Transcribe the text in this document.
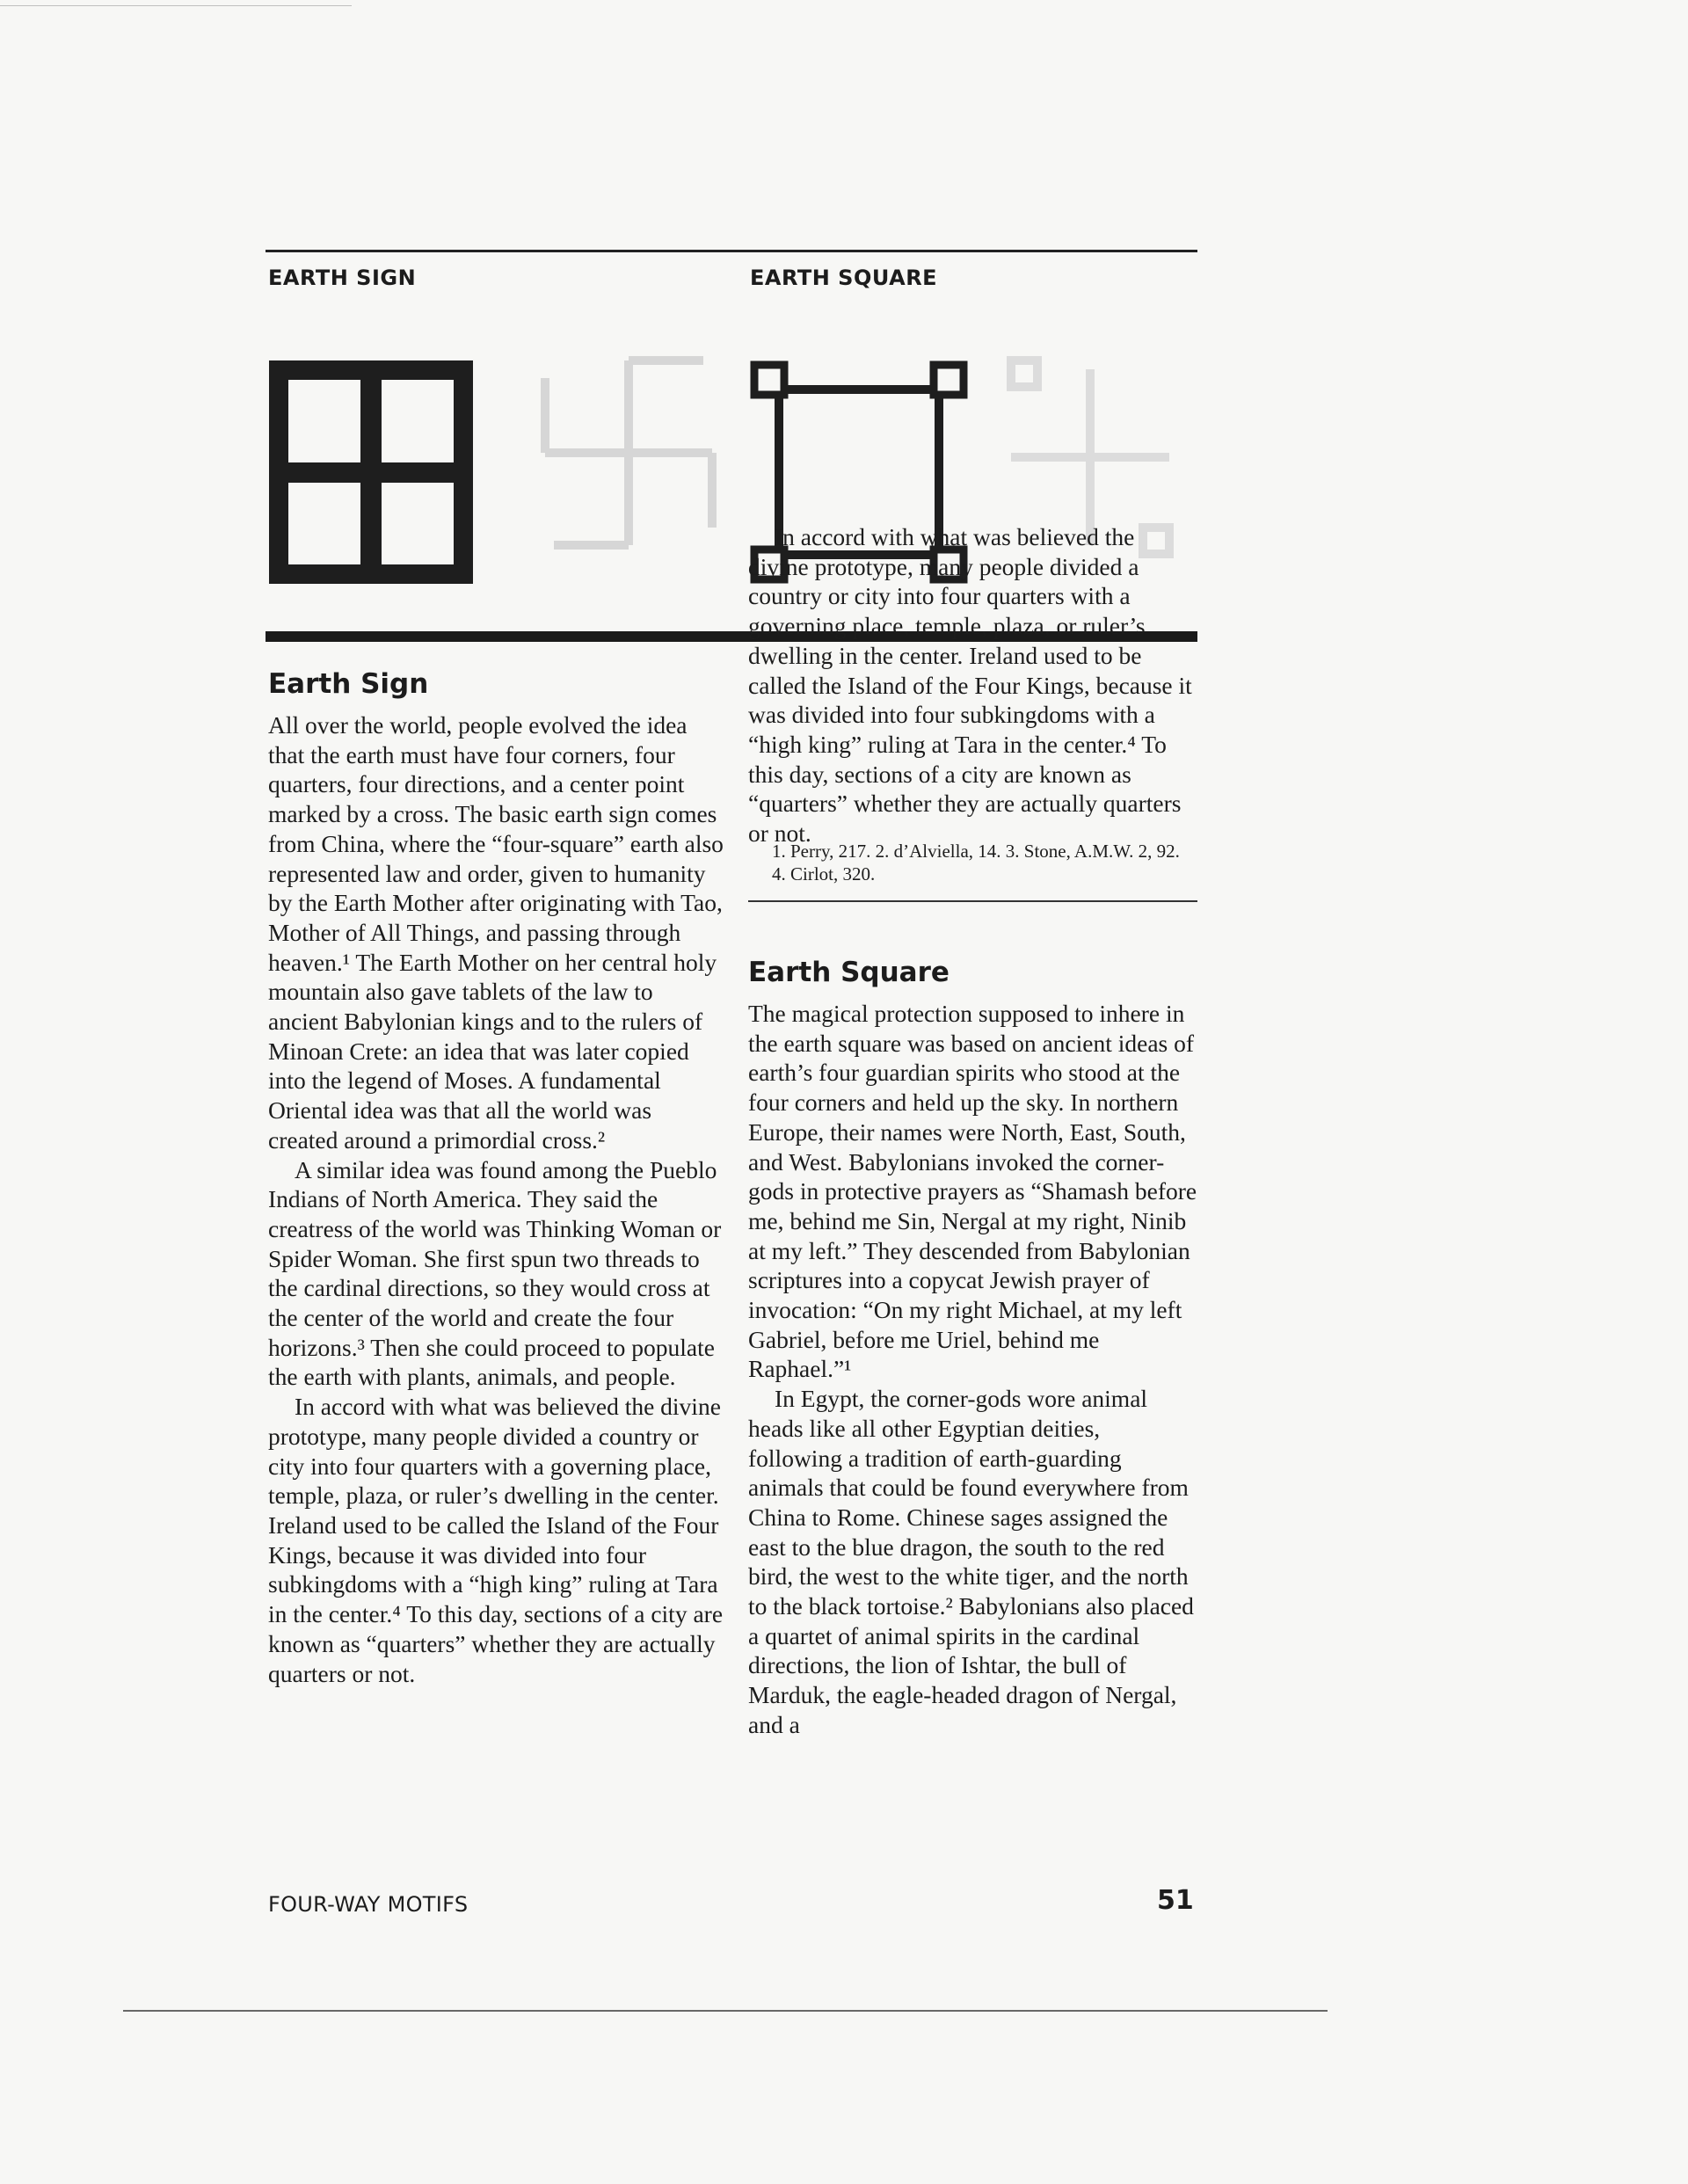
EARTH SIGN	EARTH SQUARE
Earth Sign

All over the world, people evolved the idea that the earth must have four corners, four quarters, four directions, and a center point marked by a cross. The basic earth sign comes from China, where the “four-square” earth also represented law and order, given to humanity by the Earth Mother after originating with Tao, Mother of All Things, and passing through heaven.¹ The Earth Mother on her central holy mountain also gave tablets of the law to ancient Babylonian kings and to the rulers of Minoan Crete: an idea that was later copied into the legend of Moses. A fundamental Oriental idea was that all the world was created around a primordial cross.²

A similar idea was found among the Pueblo Indians of North America. They said the creatress of the world was Thinking Woman or Spider Woman. She first spun two threads to the cardinal directions, so they would cross at the center of the world and create the four horizons.³ Then she could proceed to populate the earth with plants, animals, and people.

In accord with what was believed the divine prototype, many people divided a country or city into four quarters with a governing place, temple, plaza, or ruler’s dwelling in the center. Ireland used to be called the Island of the Four Kings, because it was divided into four subkingdoms with a “high king” ruling at Tara in the center.⁴ To this day, sections of a city are known as “quarters” whether they are actually quarters or not.

In accord with what was believed the divine prototype, many people divided a country or city into four quarters with a governing place, temple, plaza, or ruler’s dwelling in the center. Ireland used to be called the Island of the Four Kings, because it was divided into four subkingdoms with a “high king” ruling at Tara in the center.⁴ To this day, sections of a city are known as “quarters” whether they are actually quarters or not.

1. Perry, 217. 2. d’Alviella, 14. 3. Stone, A.M.W. 2, 92. 4. Cirlot, 320.
Earth Square

The magical protection supposed to inhere in the earth square was based on ancient ideas of earth’s four guardian spirits who stood at the four corners and held up the sky. In northern Europe, their names were North, East, South, and West. Babylonians invoked the corner-gods in protective prayers as “Shamash before me, behind me Sin, Nergal at my right, Ninib at my left.” They descended from Babylonian scriptures into a copycat Jewish prayer of invocation: “On my right Michael, at my left Gabriel, before me Uriel, behind me Raphael.”¹

In Egypt, the corner-gods wore animal heads like all other Egyptian deities, following a tradition of earth-guarding animals that could be found everywhere from China to Rome. Chinese sages assigned the east to the blue dragon, the south to the red bird, the west to the white tiger, and the north to the black tortoise.² Babylonians also placed a quartet of animal spirits in the cardinal directions, the lion of Ishtar, the bull of Marduk, the eagle-headed dragon of Nergal, and a

FOUR-WAY MOTIFS	51
